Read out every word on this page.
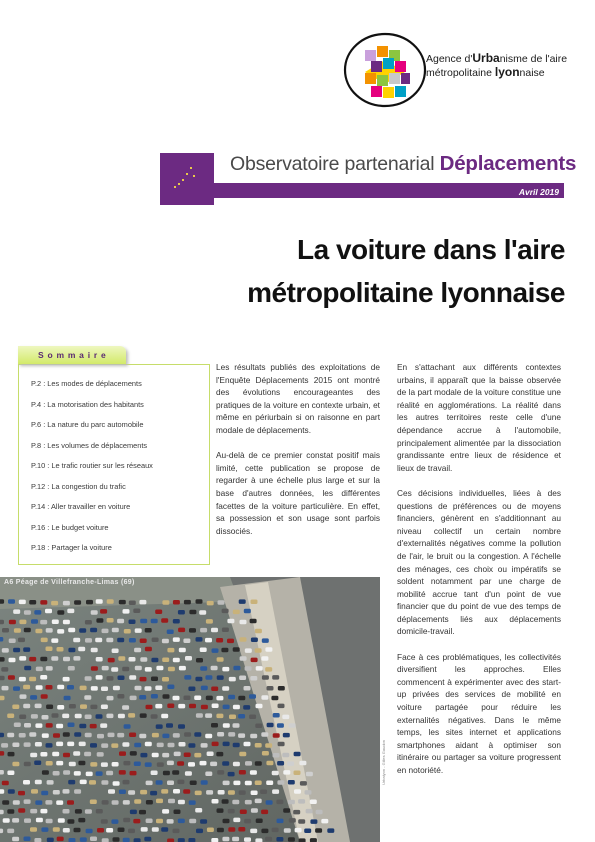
Agence d'Urbanisme de l'aire
métropolitaine lyonnaise
Observatoire partenarial Déplacements
Avril 2019
La voiture dans l'aire
métropolitaine lyonnaise
P.2 : Les modes de déplacements
P.4 : La motorisation des habitants
P.6 : La nature du parc automobile
P.8 : Les volumes de déplacements
P.10 : Le trafic routier sur les réseaux
P.12 : La congestion du trafic
P.14 : Aller travailler en voiture
P.16 : Le budget voiture
P.18 : Partager la voiture
Sommaire

Les résultats publiés des exploitations de l'Enquête Déplacements 2015 ont montré des évolutions encourageantes des pratiques de la voiture en contexte urbain, et même en périurbain si on raisonne en part modale de déplacements.

Au-delà de ce premier constat positif mais limité, cette publication se propose de regarder à une échelle plus large et sur la base d'autres données, les différentes facettes de la voiture particulière. En effet, sa possession et son usage sont parfois dissociés.

En s'attachant aux différents contextes urbains, il apparaît que la baisse observée de la part modale de la voiture constitue une réalité en agglomérations. La réalité dans les autres territoires reste celle d'une dépendance accrue à l'automobile, principalement alimentée par la dissociation grandissante entre lieux de résidence et lieux de travail.

Ces décisions individuelles, liées à des questions de préférences ou de moyens financiers, génèrent en s'additionnant au niveau collectif un certain nombre d'externalités négatives comme la pollution de l'air, le bruit ou la congestion. A l'échelle des ménages, ces choix ou impératifs se soldent notamment par une charge de mobilité accrue tant d'un point de vue financier que du point de vue des temps de déplacements liés aux déplacements domicile-travail.

Face à ces problématiques, les collectivités diversifient les approches. Elles commencent à expérimenter avec des start-up privées des services de mobilité en voiture partagée pour réduire les externalités négatives. Dans le même temps, les sites internet et applications smartphones aidant à optimiser son itinéraire ou partager sa voiture progressent en notoriété.

A6 Péage de Villefranche-Limas (69)
Urbalyon - Gilles Gaudon
